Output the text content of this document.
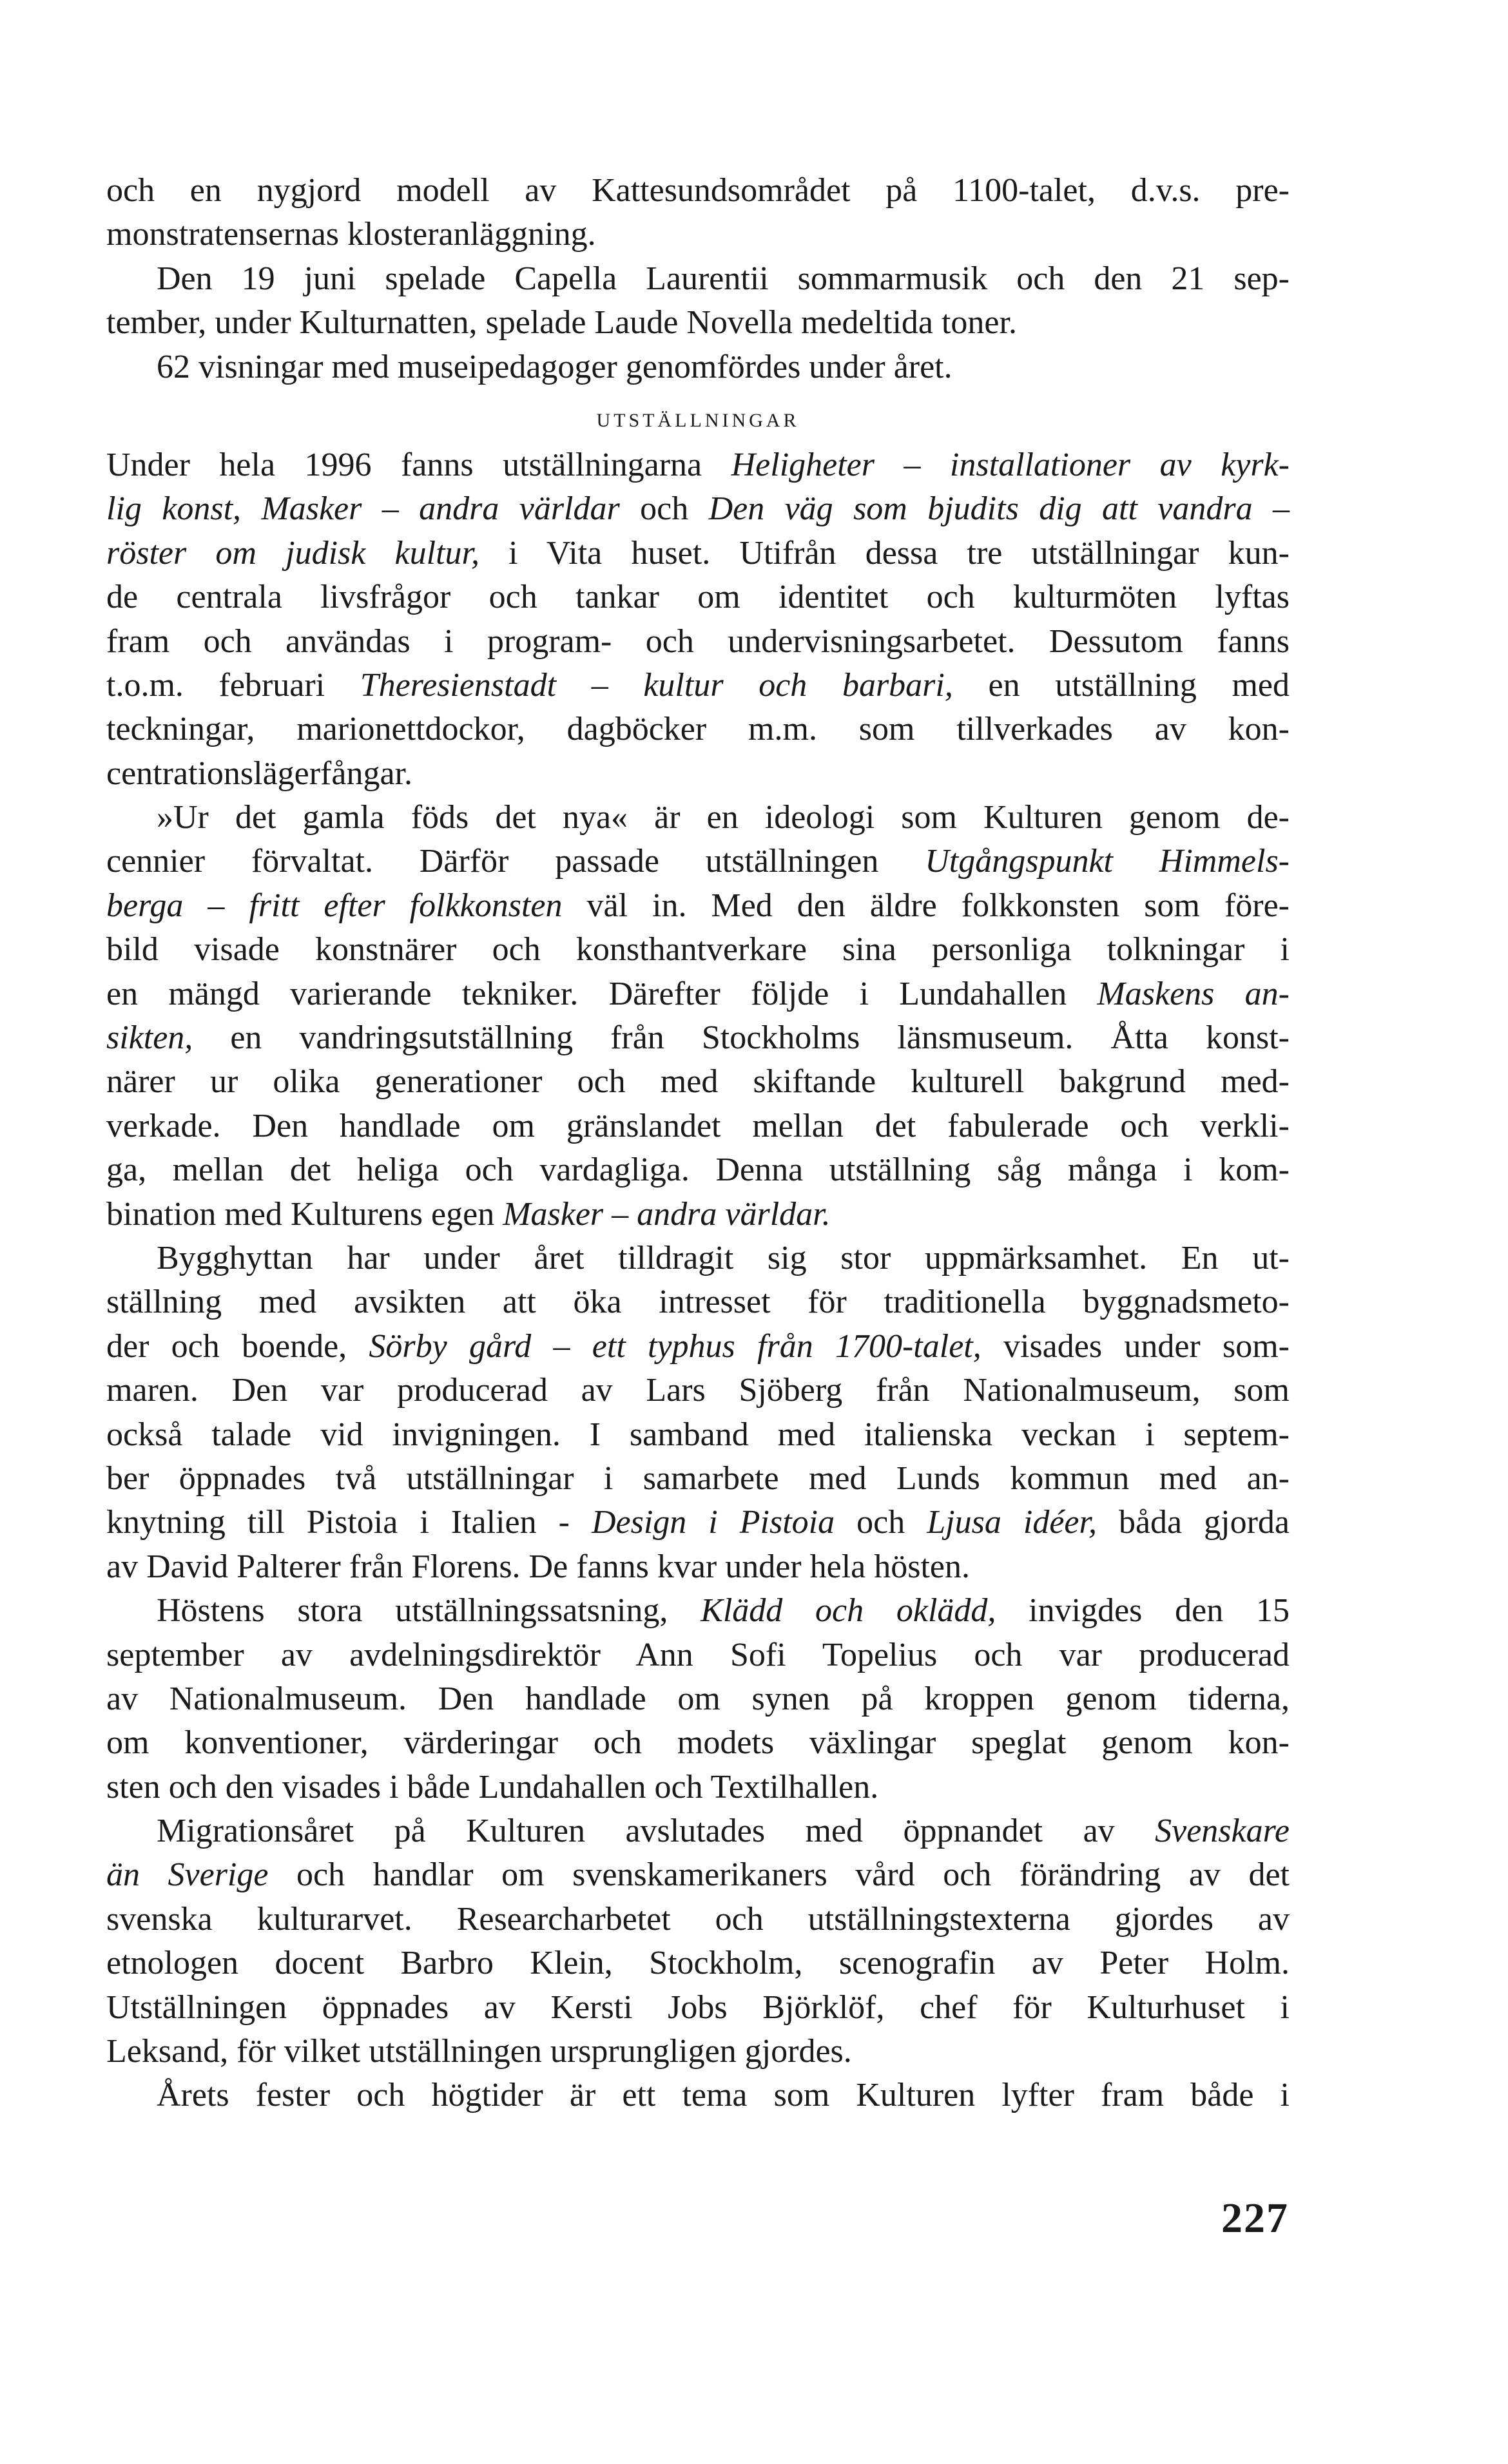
och en nygjord modell av Kattesundsområdet på 1100-talet, d.v.s. pre-
monstratensernas klosteranläggning.
Den 19 juni spelade Capella Laurentii sommarmusik och den 21 sep-
tember, under Kulturnatten, spelade Laude Novella medeltida toner.
62 visningar med museipedagoger genomfördes under året.
UTSTÄLLNINGAR
Under hela 1996 fanns utställningarna Heligheter – installationer av kyrk-
lig konst, Masker – andra världar och Den väg som bjudits dig att vandra –
röster om judisk kultur, i Vita huset. Utifrån dessa tre utställningar kun-
de centrala livsfrågor och tankar om identitet och kulturmöten lyftas
fram och användas i program- och undervisningsarbetet. Dessutom fanns
t.o.m. februari Theresienstadt – kultur och barbari, en utställning med
teckningar, marionettdockor, dagböcker m.m. som tillverkades av kon-
centrationslägerfångar.
»Ur det gamla föds det nya« är en ideologi som Kulturen genom de-
cennier förvaltat. Därför passade utställningen Utgångspunkt Himmels-
berga – fritt efter folkkonsten väl in. Med den äldre folkkonsten som före-
bild visade konstnärer och konsthantverkare sina personliga tolkningar i
en mängd varierande tekniker. Därefter följde i Lundahallen Maskens an-
sikten, en vandringsutställning från Stockholms länsmuseum. Åtta konst-
närer ur olika generationer och med skiftande kulturell bakgrund med-
verkade. Den handlade om gränslandet mellan det fabulerade och verkli-
ga, mellan det heliga och vardagliga. Denna utställning såg många i kom-
bination med Kulturens egen Masker – andra världar.
Bygghyttan har under året tilldragit sig stor uppmärksamhet. En ut-
ställning med avsikten att öka intresset för traditionella byggnadsmeto-
der och boende, Sörby gård – ett typhus från 1700-talet, visades under som-
maren. Den var producerad av Lars Sjöberg från Nationalmuseum, som
också talade vid invigningen. I samband med italienska veckan i septem-
ber öppnades två utställningar i samarbete med Lunds kommun med an-
knytning till Pistoia i Italien - Design i Pistoia och Ljusa idéer, båda gjorda
av David Palterer från Florens. De fanns kvar under hela hösten.
Höstens stora utställningssatsning, Klädd och oklädd, invigdes den 15
september av avdelningsdirektör Ann Sofi Topelius och var producerad
av Nationalmuseum. Den handlade om synen på kroppen genom tiderna,
om konventioner, värderingar och modets växlingar speglat genom kon-
sten och den visades i både Lundahallen och Textilhallen.
Migrationsåret på Kulturen avslutades med öppnandet av Svenskare
än Sverige och handlar om svenskamerikaners vård och förändring av det
svenska kulturarvet. Researcharbetet och utställningstexterna gjordes av
etnologen docent Barbro Klein, Stockholm, scenografin av Peter Holm.
Utställningen öppnades av Kersti Jobs Björklöf, chef för Kulturhuset i
Leksand, för vilket utställningen ursprungligen gjordes.
Årets fester och högtider är ett tema som Kulturen lyfter fram både i
227
